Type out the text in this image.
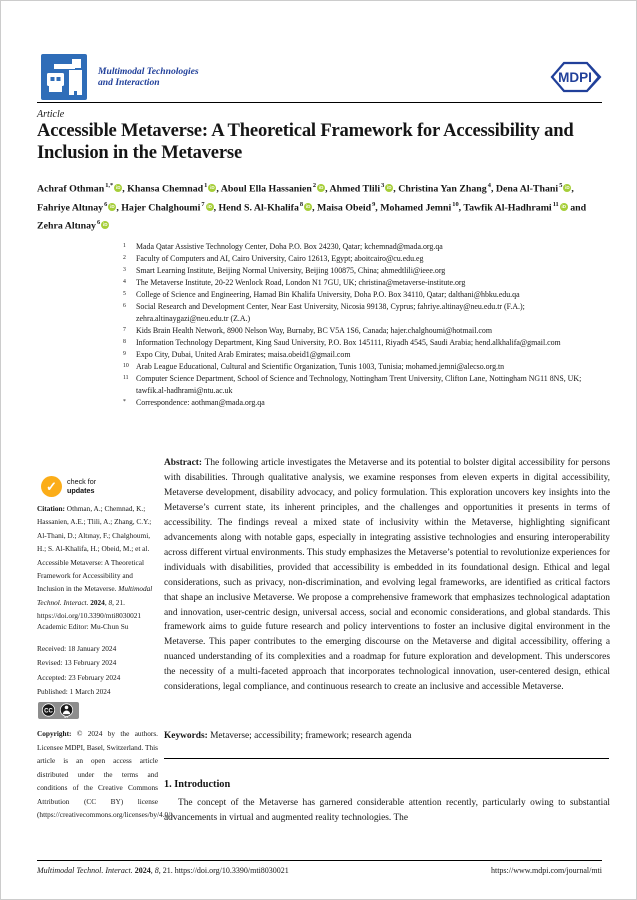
Multimodal Technologies
and Interaction	MDPI
Article
Accessible Metaverse: A Theoretical Framework for Accessibility and Inclusion in the Metaverse
Achraf Othman$^{1,*}$ iD , Khansa Chemnad$^1$ iD , Aboul Ella Hassanien$^2$ iD , Ahmed Tlili$^3$ iD , Christina Yan Zhang$^4$, Dena Al-Thani$^5$ iD , Fahriye Altınay$^6$ iD , Hajer Chalghoumi$^7$ iD , Hend S. Al-Khalifa$^8$ iD , Maisa Obeid$^9$, Mohamed Jemni$^{10}$, Tawfik Al-Hadhrami$^{11}$ iD and Zehra Altınay$^6$ iD
1 Mada Qatar Assistive Technology Center, Doha P.O. Box 24230, Qatar; kchemnad@mada.org.qa
2 Faculty of Computers and AI, Cairo University, Cairo 12613, Egypt; aboitcairo@cu.edu.eg
3 Smart Learning Institute, Beijing Normal University, Beijing 100875, China; ahmedtlili@ieee.org
4 The Metaverse Institute, 20-22 Wenlock Road, London N1 7GU, UK; christina@metaverse-institute.org
5 College of Science and Engineering, Hamad Bin Khalifa University, Doha P.O. Box 34110, Qatar; dalthani@hbku.edu.qa
6 Social Research and Development Center, Near East University, Nicosia 99138, Cyprus; fahriye.altinay@neu.edu.tr (F.A.); zehra.altinaygazi@neu.edu.tr (Z.A.)
7 Kids Brain Health Network, 8900 Nelson Way, Burnaby, BC V5A 1S6, Canada; hajer.chalghoumi@hotmail.com
8 Information Technology Department, King Saud University, P.O. Box 145111, Riyadh 4545, Saudi Arabia; hend.alkhalifa@gmail.com
9 Expo City, Dubai, United Arab Emirates; maisa.obeid1@gmail.com
10 Arab League Educational, Cultural and Scientific Organization, Tunis 1003, Tunisia; mohamed.jemni@alecso.org.tn
11 Computer Science Department, School of Science and Technology, Nottingham Trent University, Clifton Lane, Nottingham NG11 8NS, UK; tawfik.al-hadhrami@ntu.ac.uk
* Correspondence: aothman@mada.org.qa
Abstract: The following article investigates the Metaverse and its potential to bolster digital accessibility for persons with disabilities. Through qualitative analysis, we examine responses from eleven experts in digital accessibility, Metaverse development, disability advocacy, and policy formulation. This exploration uncovers key insights into the Metaverse’s current state, its inherent principles, and the challenges and opportunities it presents in terms of accessibility. The findings reveal a mixed state of inclusivity within the Metaverse, highlighting significant advancements along with notable gaps, especially in integrating assistive technologies and ensuring interoperability across different virtual environments. This study emphasizes the Metaverse’s potential to revolutionize experiences for individuals with disabilities, provided that accessibility is embedded in its foundational design. Ethical and legal considerations, such as privacy, non-discrimination, and evolving legal frameworks, are identified as critical factors that shape an inclusive Metaverse. We propose a comprehensive framework that emphasizes technological adaptation and innovation, user-centric design, universal access, social and economic considerations, and global standards. This framework aims to guide future research and policy interventions to foster an inclusive digital environment in the Metaverse. This paper contributes to the emerging discourse on the Metaverse and digital accessibility, offering a nuanced understanding of its complexities and a roadmap for future exploration and development. This underscores the necessity of a multi-faceted approach that incorporates technological innovation, user-centered design, ethical considerations, legal compliance, and continuous research to create an inclusive and accessible Metaverse.
Keywords: Metaverse; accessibility; framework; research agenda
1. Introduction
The concept of the Metaverse has garnered considerable attention recently, particularly owing to substantial advancements in virtual and augmented reality technologies. The
✓	check for
updates
Citation: Othman, A.; Chemnad, K.; Hassanien, A.E.; Tlili, A.; Zhang, C.Y.; Al-Thani, D.; Altınay, F.; Chalghoumi, H.; S. Al-Khalifa, H.; Obeid, M.; et al. Accessible Metaverse: A Theoretical Framework for Accessibility and Inclusion in the Metaverse. Multimodal Technol. Interact. 2024, 8, 21. https://doi.org/10.3390/mti8030021
Academic Editor: Mu-Chun Su
Received: 18 January 2024
Revised: 13 February 2024
Accepted: 23 February 2024
Published: 1 March 2024
CC
BY
Copyright: © 2024 by the authors. Licensee MDPI, Basel, Switzerland. This article is an open access article distributed under the terms and conditions of the Creative Commons Attribution (CC BY) license (https://creativecommons.org/licenses/by/4.0/).
Multimodal Technol. Interact. 2024, 8, 21. https://doi.org/10.3390/mti8030021	https://www.mdpi.com/journal/mti
